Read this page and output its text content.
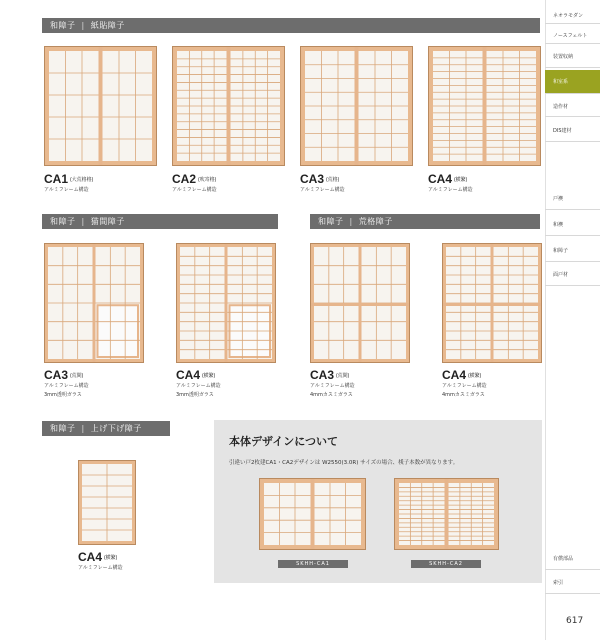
和障子 | 紙貼障子
CA1 (大荒格格)
アルミフレーム構造
CA2 (吹寄格)
アルミフレーム構造
CA3 (荒格)
アルミフレーム構造
CA4 (横繁)
アルミフレーム構造
和障子 | 猫間障子	和障子 | 荒格障子
CA3 (荒間)
アルミフレーム構造
3mm透明ガラス
CA4 (横繁)
アルミフレーム構造
3mm透明ガラス
CA3 (荒間)
アルミフレーム構造
4mmカスミガラス
CA4 (横繁)
アルミフレーム構造
4mmカスミガラス
和障子 | 上げ下げ障子
CA4 (横繁)
アルミフレーム構造
本体デザインについて
引違い戸2枚建CA1・CA2デザインは W2550(3.0R) サイズの場合、桟子本数が異なります。
SKHH-CA1	SKHH-CA2
ネオラモダン
ノースフェルト
装置収納
和室系
造作材
DIS建材
戸襖
和襖
和障子
面戸材
有償部品
索引
617
